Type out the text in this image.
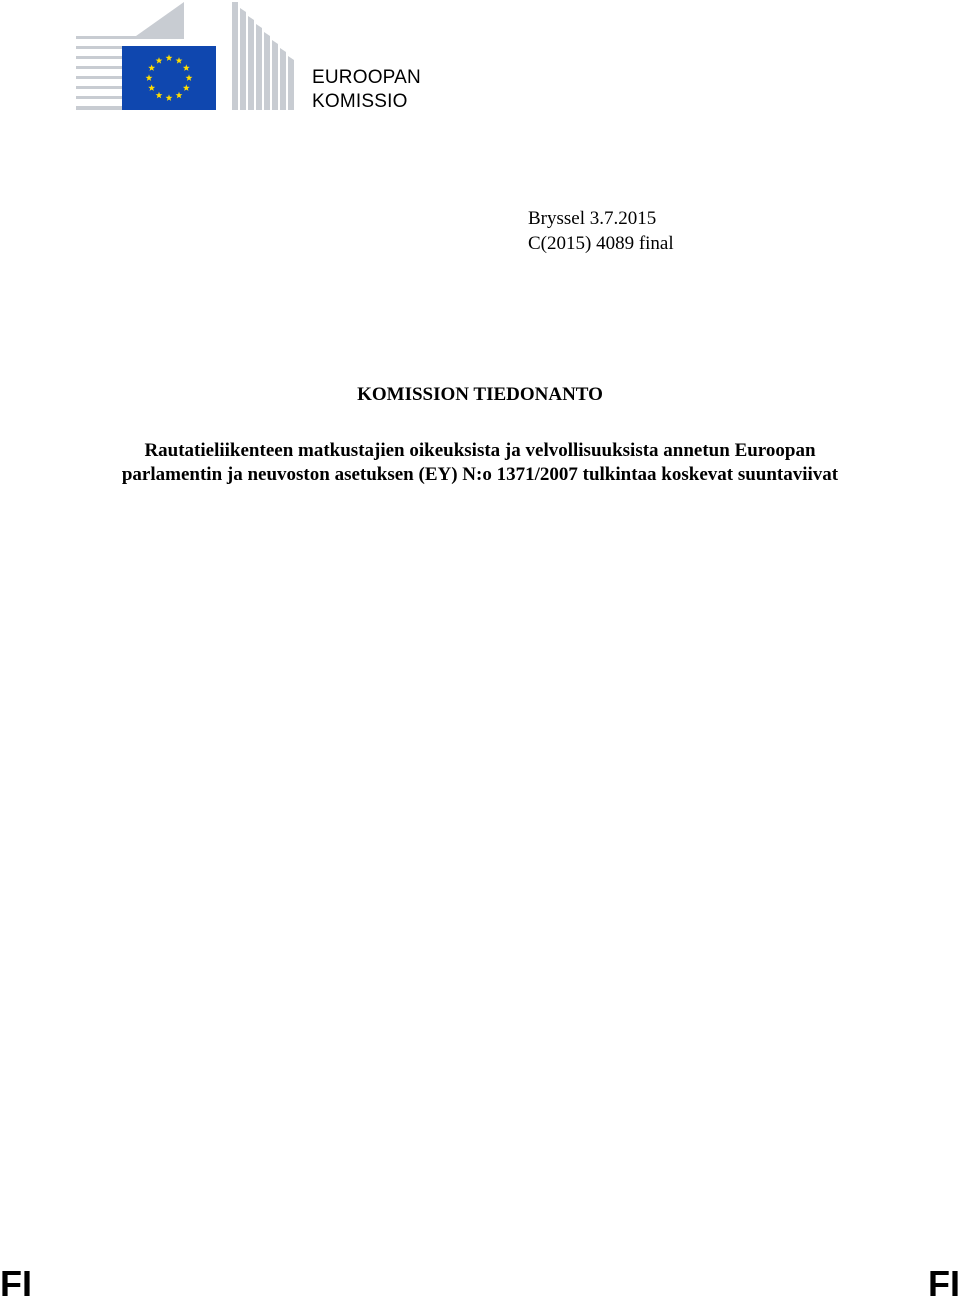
EUROOPAN
KOMISSIO
Bryssel 3.7.2015
C(2015) 4089 final
KOMISSION TIEDONANTO
Rautatieliikenteen matkustajien oikeuksista ja velvollisuuksista annetun Euroopan
parlamentin ja neuvoston asetuksen (EY) N:o 1371/2007 tulkintaa koskevat suuntaviivat
FI	FI
